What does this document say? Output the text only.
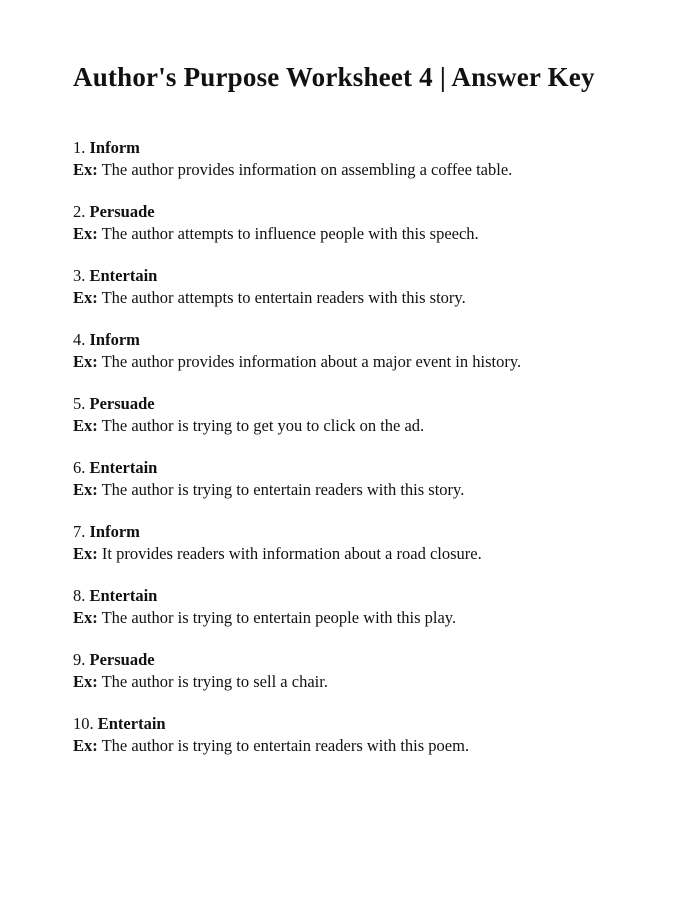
Author's Purpose Worksheet 4 | Answer Key

1. Inform

Ex: The author provides information on assembling a coffee table.

2. Persuade

Ex: The author attempts to influence people with this speech.

3. Entertain

Ex: The author attempts to entertain readers with this story.

4. Inform

Ex: The author provides information about a major event in history.

5. Persuade

Ex: The author is trying to get you to click on the ad.

6. Entertain

Ex: The author is trying to entertain readers with this story.

7. Inform

Ex: It provides readers with information about a road closure.

8. Entertain

Ex: The author is trying to entertain people with this play.

9. Persuade

Ex: The author is trying to sell a chair.

10. Entertain

Ex: The author is trying to entertain readers with this poem.
